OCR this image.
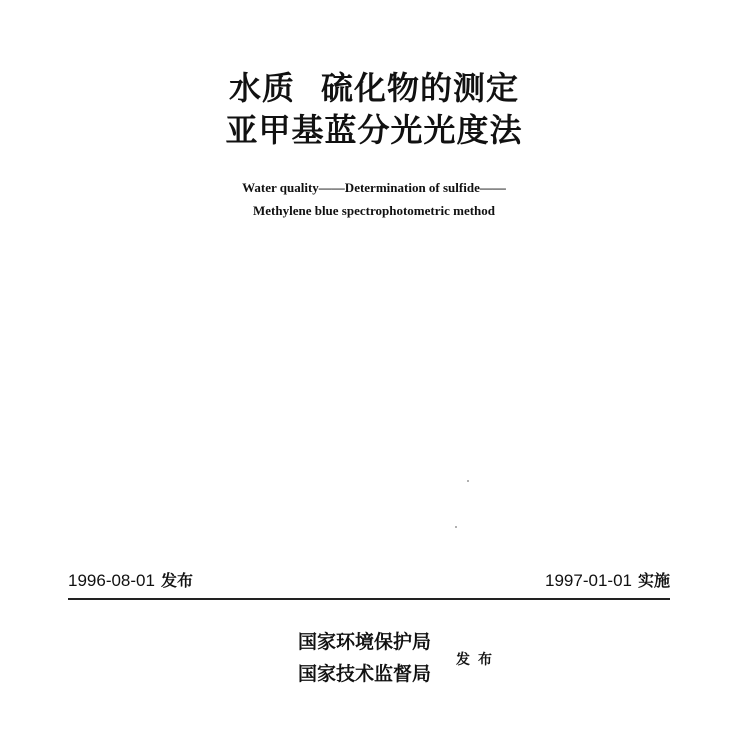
水质 硫化物的测定
亚甲基蓝分光光度法
Water quality——Determination of sulfide——
Methylene blue spectrophotometric method
1996-08-01 发布	1997-01-01 实施
国家环境保护局
国家技术监督局
发布
